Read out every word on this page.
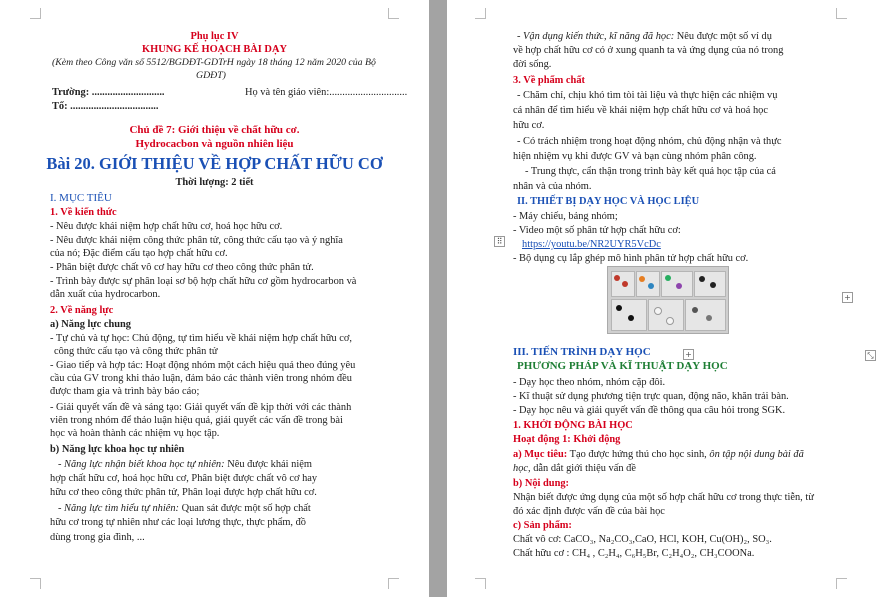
Phụ lục IV
KHUNG KẾ HOẠCH BÀI DẠY
(Kèm theo Công văn số 5512/BGDĐT-GDTrH ngày 18 tháng 12 năm 2020 của Bộ
GDĐT)
Trường: ............................	Họ và tên giáo viên:..............................
Tổ: ..................................
Chủ đề 7: Giới thiệu về chất hữu cơ.
Hydrocacbon và nguồn nhiên liệu
Bài 20. GIỚI THIỆU VỀ HỢP CHẤT HỮU CƠ
Thời lượng: 2 tiết
I. MỤC TIÊU
1. Về kiến thức
- Nêu được khái niệm hợp chất hữu cơ, hoá học hữu cơ.
- Nêu được khái niệm công thức phân tử, công thức cấu tạo và ý nghĩa
của nó; Đặc điểm cấu tạo hợp chất hữu cơ.
- Phân biệt được chất vô cơ hay hữu cơ theo công thức phân tử.
- Trình bày được sự phân loại sơ bộ hợp chất hữu cơ gồm hydrocarbon và
dẫn xuất của hydrocarbon.
2. Về năng lực
a) Năng lực chung
- Tự chủ và tự học: Chủ động, tự tìm hiểu về khái niệm hợp chất hữu cơ,
công thức cấu tạo và công thức phân tử
- Giao tiếp và hợp tác: Hoạt động nhóm một cách hiệu quả theo đúng yêu
cầu của GV trong khi thảo luận, đảm bảo các thành viên trong nhóm đều
được tham gia và trình bày báo cáo;
- Giải quyết vấn đề và sáng tạo: Giải quyết vấn đề kịp thời với các thành
viên trong nhóm để thảo luận hiệu quả, giải quyết các vấn đề trong bài
học và hoàn thành các nhiệm vụ học tập.
b) Năng lực khoa học tự nhiên
- Năng lực nhận biết khoa học tự nhiên: Nêu được khái niệm
hợp chất hữu cơ, hoá học hữu cơ, Phân biệt được chất vô cơ hay
hữu cơ theo công thức phân tử, Phân loại được hợp chất hữu cơ.
- Năng lực tìm hiểu tự nhiên: Quan sát được một số hợp chất
hữu cơ trong tự nhiên như các loại lương thực, thực phẩm, đồ
dùng trong gia đình, ...
- Vận dụng kiến thức, kĩ năng đã học: Nêu được một số ví dụ
về hợp chất hữu cơ có ở xung quanh ta và ứng dụng của nó trong
đời sống.
3. Về phẩm chất
- Chăm chỉ, chịu khó tìm tòi tài liệu và thực hiện các nhiệm vụ
cá nhân để tìm hiểu về khái niệm hợp chất hữu cơ và hoá học
hữu cơ.
- Có trách nhiệm trong hoạt động nhóm, chủ động nhận và thực
hiện nhiệm vụ khi được GV và bạn cùng nhóm phân công.
- Trung thực, cẩn thận trong trình bày kết quả học tập của cá
nhân và của nhóm.
II. THIẾT BỊ DẠY HỌC VÀ HỌC LIỆU
- Máy chiếu, bảng nhóm;
- Video một số phân tử hợp chất hữu cơ:
⠿ https://youtu.be/NR2UYR5VcDc
- Bộ dụng cụ lắp ghép mô hình phân tử hợp chất hữu cơ.
+
III. TIẾN TRÌNH DẠY HỌC	+	⤡
PHƯƠNG PHÁP VÀ KĨ THUẬT DẠY HỌC
- Dạy học theo nhóm, nhóm cặp đôi.
- Kĩ thuật sử dụng phương tiện trực quan, động não, khăn trải bàn.
- Dạy học nêu và giải quyết vấn đề thông qua câu hỏi trong SGK.
1. KHỞI ĐỘNG BÀI HỌC
Hoạt động 1: Khởi động
a) Mục tiêu: Tạo được hứng thú cho học sinh, ôn tập nội dung bài đã
học, dẫn dắt giới thiệu vấn đề
b) Nội dung:
Nhận biết được ứng dụng của một số hợp chất hữu cơ trong thực tiễn, từ
đó xác định được vấn đề của bài học
c) Sản phẩm:
Chất vô cơ: CaCO₃, Na₂CO₃,CaO, HCl, KOH, Cu(OH)₂, SO₃.
Chất hữu cơ : CH₄ , C₂H₄, C₆H₅Br, C₂H₄O₂, CH₃COONa.
